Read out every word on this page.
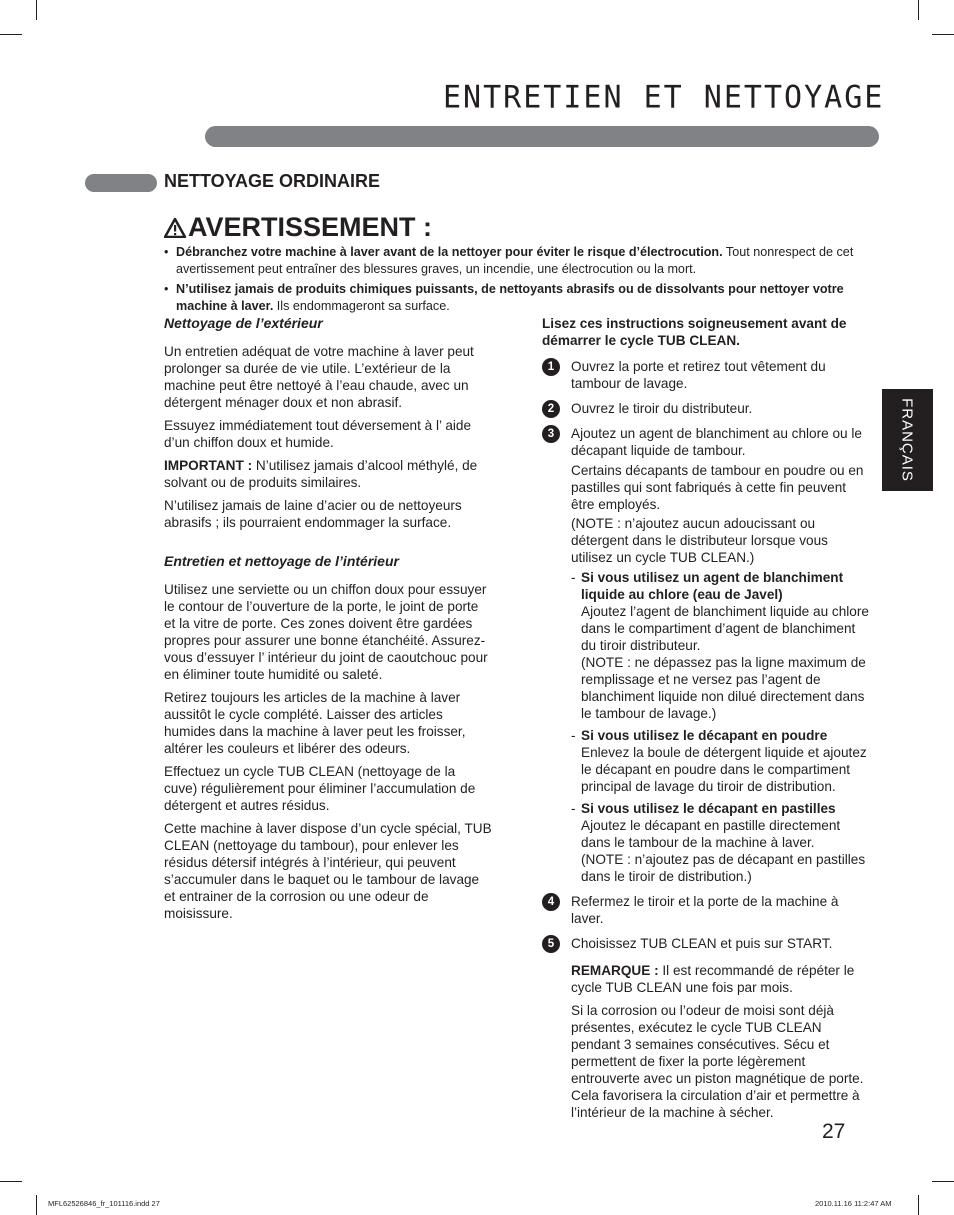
ENTRETIEN ET NETTOYAGE
NETTOYAGE ORDINAIRE
AVERTISSEMENT :
• Débranchez votre machine à laver avant de la nettoyer pour éviter le risque d’électrocution. Tout nonrespect de cet avertissement peut entraîner des blessures graves, un incendie, une électrocution ou la mort.
• N’utilisez jamais de produits chimiques puissants, de nettoyants abrasifs ou de dissolvants pour nettoyer votre machine à laver. Ils endommageront sa surface.
Nettoyage de l’extérieur

Un entretien adéquat de votre machine à laver peut prolonger sa durée de vie utile. L’extérieur de la machine peut être nettoyé à l’eau chaude, avec un détergent ménager doux et non abrasif.

Essuyez immédiatement tout déversement à l’ aide d’un chiffon doux et humide.

IMPORTANT : N’utilisez jamais d’alcool méthylé, de solvant ou de produits similaires.

N’utilisez jamais de laine d’acier ou de nettoyeurs abrasifs ; ils pourraient endommager la surface.

Entretien et nettoyage de l’intérieur

Utilisez une serviette ou un chiffon doux pour essuyer le contour de l’ouverture de la porte, le joint de porte et la vitre de porte. Ces zones doivent être gardées propres pour assurer une bonne étanchéité. Assurez-vous d’essuyer l’ intérieur du joint de caoutchouc pour en éliminer toute humidité ou saleté.

Retirez toujours les articles de la machine à laver aussitôt le cycle complété. Laisser des articles humides dans la machine à laver peut les froisser, altérer les couleurs et libérer des odeurs.

Effectuez un cycle TUB CLEAN (nettoyage de la cuve) régulièrement pour éliminer l’accumulation de détergent et autres résidus.

Cette machine à laver dispose d’un cycle spécial, TUB CLEAN (nettoyage du tambour), pour enlever les résidus détersif intégrés à l’intérieur, qui peuvent s’accumuler dans le baquet ou le tambour de lavage et entrainer de la corrosion ou une odeur de moisissure.

Lisez ces instructions soigneusement avant de démarrer le cycle TUB CLEAN.

1	Ouvrez la porte et retirez tout vêtement du tambour de lavage.
2	Ouvrez le tiroir du distributeur.
3	Ajoutez un agent de blanchiment au chlore ou le décapant liquide de tambour.

Certains décapants de tambour en poudre ou en pastilles qui sont fabriqués à cette fin peuvent être employés.

(NOTE : n’ajoutez aucun adoucissant ou détergent dans le distributeur lorsque vous utilisez un cycle TUB CLEAN.)

- Si vous utilisez un agent de blanchiment liquide au chlore (eau de Javel)
Ajoutez l’agent de blanchiment liquide au chlore dans le compartiment d’agent de blanchiment du tiroir distributeur.
(NOTE : ne dépassez pas la ligne maximum de remplissage et ne versez pas l’agent de blanchiment liquide non dilué directement dans le tambour de lavage.)
- Si vous utilisez le décapant en poudre
Enlevez la boule de détergent liquide et ajoutez le décapant en poudre dans le compartiment principal de lavage du tiroir de distribution.
- Si vous utilisez le décapant en pastilles
Ajoutez le décapant en pastille directement dans le tambour de la machine à laver.
(NOTE : n’ajoutez pas de décapant en pastilles dans le tiroir de distribution.)
4	Refermez le tiroir et la porte de la machine à laver.
5	Choisissez TUB CLEAN et puis sur START.

REMARQUE : Il est recommandé de répéter le cycle TUB CLEAN une fois par mois.

Si la corrosion ou l’odeur de moisi sont déjà présentes, exécutez le cycle TUB CLEAN pendant 3 semaines consécutives. Sécu et permettent de fixer la porte légèrement entrouverte avec un piston magnétique de porte. Cela favorisera la circulation d’air et permettre à l’intérieur de la machine à sécher.

FRANÇAIS
27
MFL62526846_fr_101116.indd 27	2010.11.16 11:2:47 AM
